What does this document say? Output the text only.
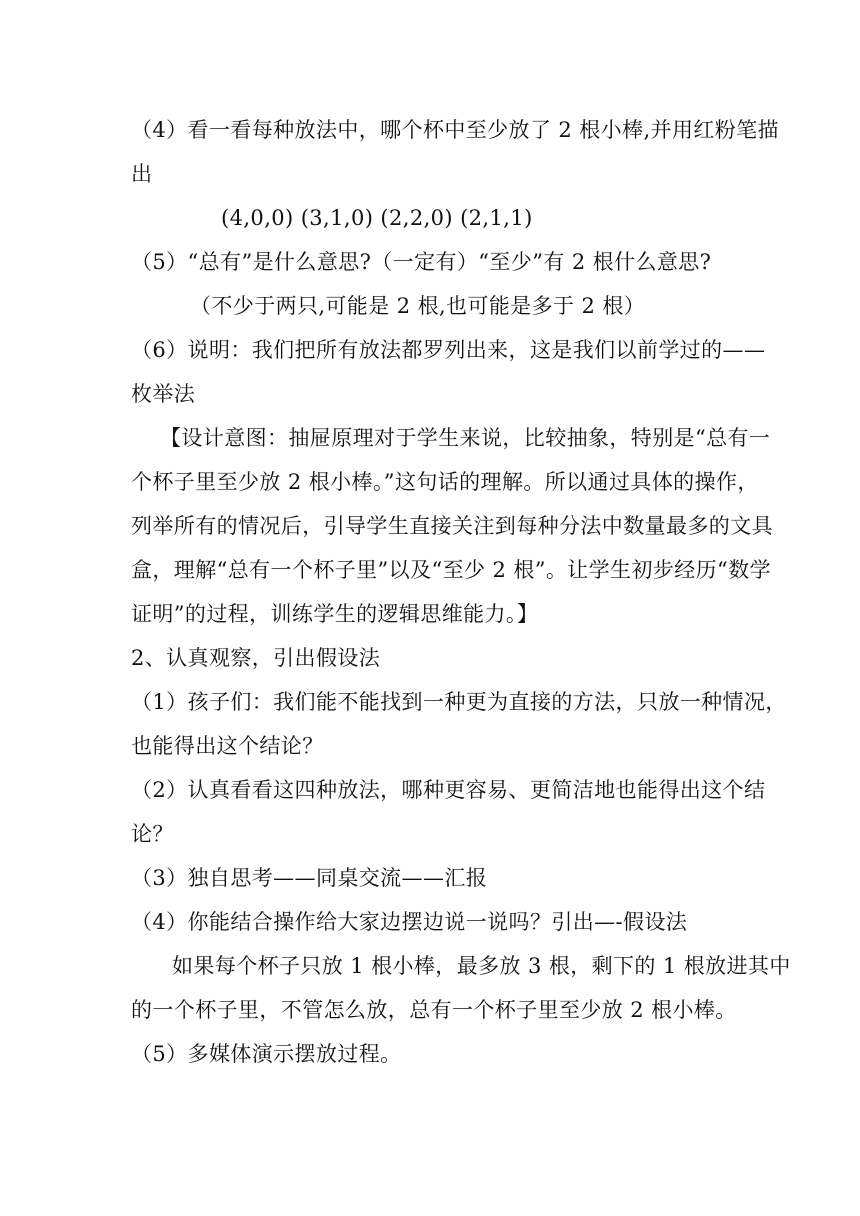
（4）看一看每种放法中，哪个杯中至少放了 2 根小棒,并用红粉笔描
出
(4,0,0) (3,1,0) (2,2,0) (2,1,1)
（5）“总有”是什么意思?（一定有）“至少”有 2 根什么意思?
（不少于两只,可能是 2 根,也可能是多于 2 根）
（6）说明：我们把所有放法都罗列出来，这是我们以前学过的——
枚举法
【设计意图：抽屉原理对于学生来说，比较抽象，特别是“总有一
个杯子里至少放 2 根小棒。”这句话的理解。所以通过具体的操作，
列举所有的情况后，引导学生直接关注到每种分法中数量最多的文具
盒，理解“总有一个杯子里”以及“至少 2 根”。让学生初步经历“数学
证明”的过程，训练学生的逻辑思维能力。】
2、认真观察，引出假设法
（1）孩子们：我们能不能找到一种更为直接的方法，只放一种情况，
也能得出这个结论？
（2）认真看看这四种放法，哪种更容易、更简洁地也能得出这个结
论？
（3）独自思考——同桌交流——汇报
（4）你能结合操作给大家边摆边说一说吗？引出—-假设法
如果每个杯子只放 1 根小棒，最多放 3 根，剩下的 1 根放进其中
的一个杯子里，不管怎么放，总有一个杯子里至少放 2 根小棒。
（5）多媒体演示摆放过程。
